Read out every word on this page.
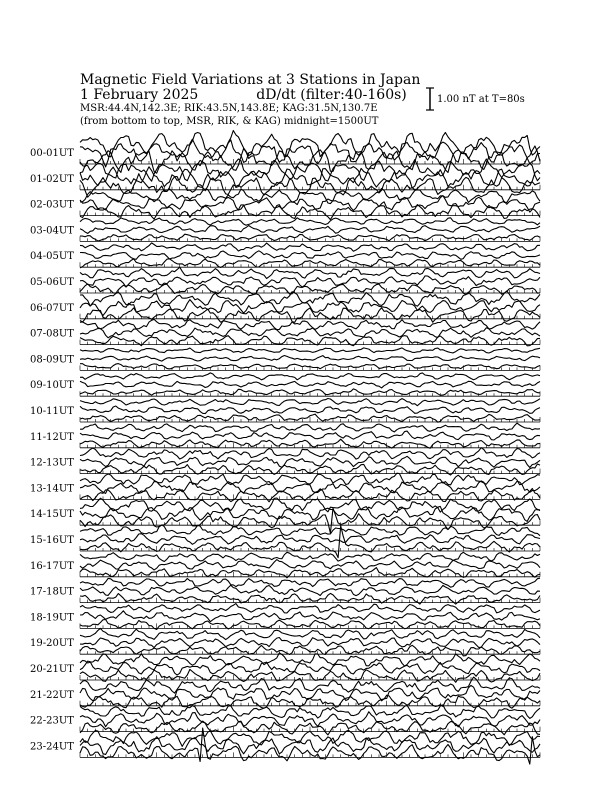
Magnetic Field Variations at 3 Stations in Japan
1 February 2025	dD/dt (filter:40-160s)
MSR:44.4N,142.3E; RIK:43.5N,143.8E; KAG:31.5N,130.7E
(from bottom to top, MSR, RIK, & KAG) midnight=1500UT
1.00 nT at T=80s
00-01UT
01-02UT
02-03UT
03-04UT
04-05UT
05-06UT
06-07UT
07-08UT
08-09UT
09-10UT
10-11UT
11-12UT
12-13UT
13-14UT
14-15UT
15-16UT
16-17UT
17-18UT
18-19UT
19-20UT
20-21UT
21-22UT
22-23UT
23-24UT
